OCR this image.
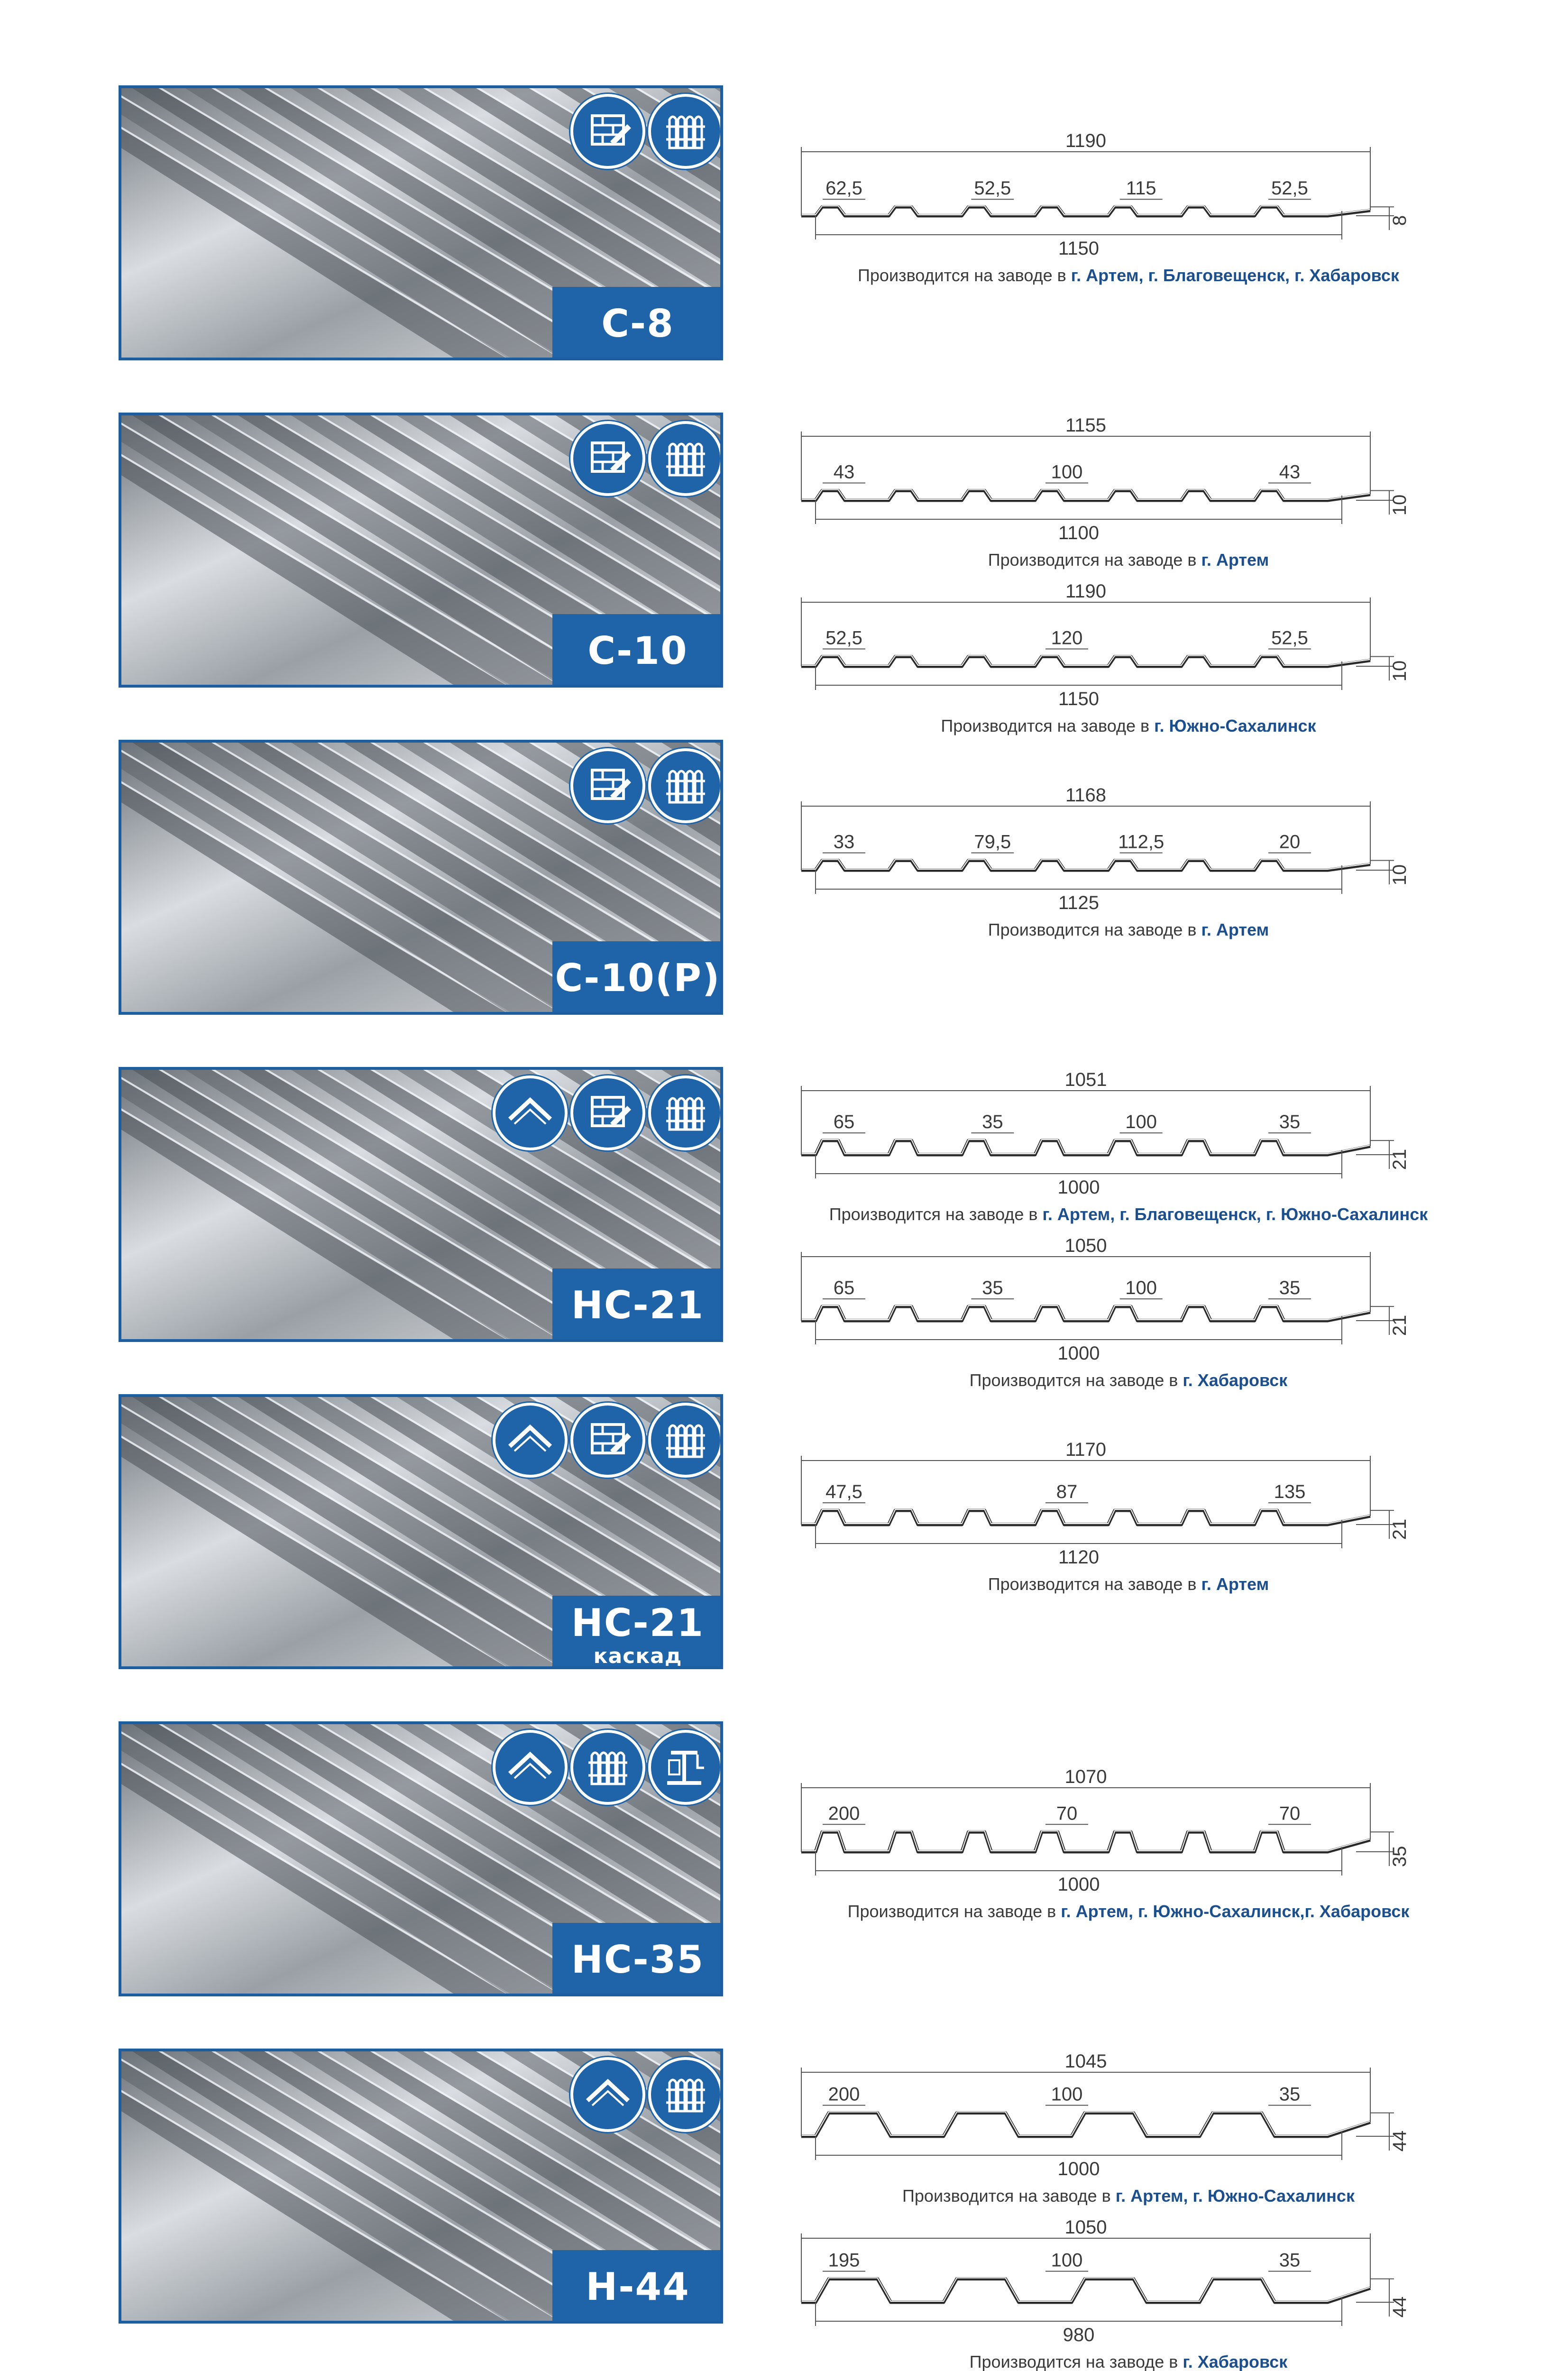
С-8
1190
1150
8
62,5	52,5	115	52,5
Производится на заводе в г. Артем, г. Благовещенск, г. Хабаровск
С-10
1155
1100
10
43	100	43
Производится на заводе в г. Артем
1190
1150
10
52,5	120	52,5
Производится на заводе в г. Южно-Сахалинск
С-10(Р)
1168
1125
10
33	79,5	112,5	20
Производится на заводе в г. Артем
НС-21
1051
1000
21
65	35	100	35
Производится на заводе в г. Артем, г. Благовещенск, г. Южно-Сахалинск
1050
1000
21
65	35	100	35
Производится на заводе в г. Хабаровск
НС-21
каскад
1170
1120
21
47,5	87	135
Производится на заводе в г. Артем
НС-35
1070
1000
35
200	70	70
Производится на заводе в г. Артем, г. Южно-Сахалинск,г. Хабаровск
Н-44
1045
1000
44
200	100	35
Производится на заводе в г. Артем, г. Южно-Сахалинск
1050
980
44
195	100	35
Производится на заводе в г. Хабаровск
